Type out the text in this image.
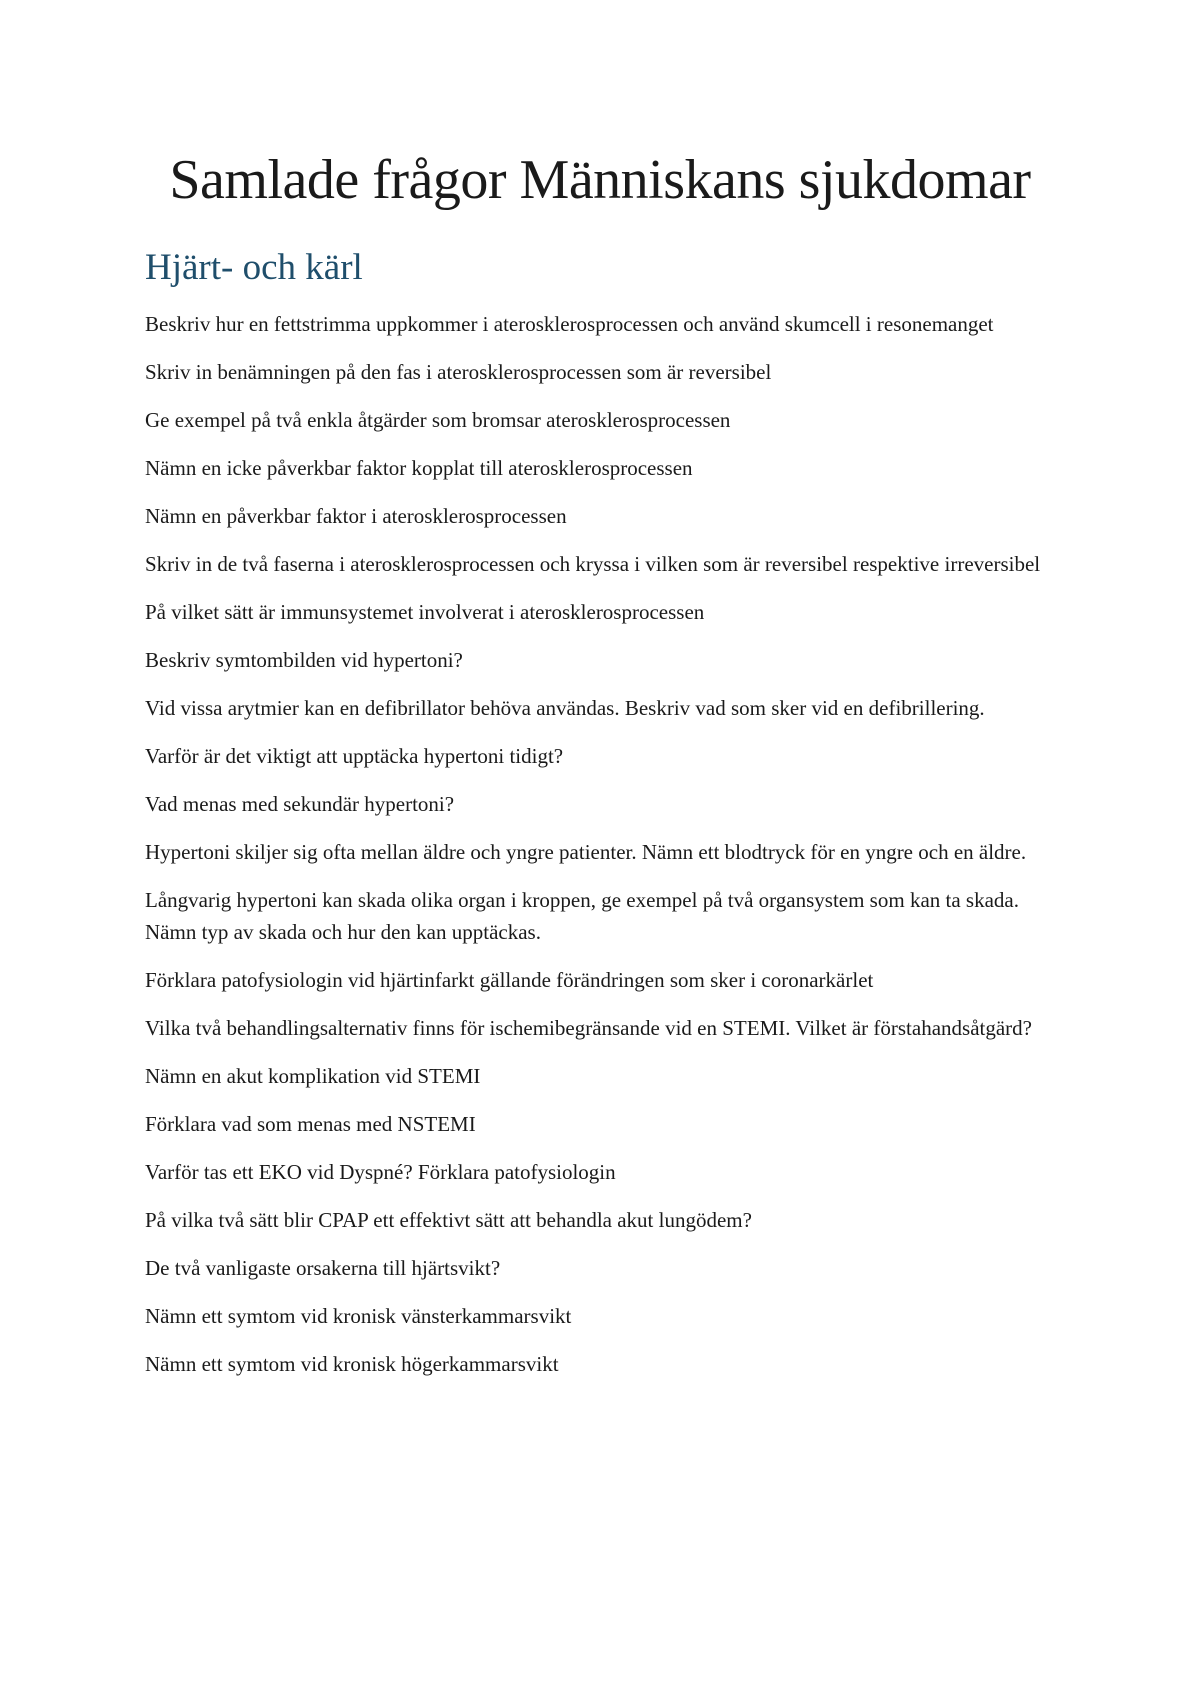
Samlade frågor Människans sjukdomar
Hjärt- och kärl
Beskriv hur en fettstrimma uppkommer i aterosklerosprocessen och använd skumcell i resonemanget
Skriv in benämningen på den fas i aterosklerosprocessen som är reversibel
Ge exempel på två enkla åtgärder som bromsar aterosklerosprocessen
Nämn en icke påverkbar faktor kopplat till aterosklerosprocessen
Nämn en påverkbar faktor i aterosklerosprocessen
Skriv in de två faserna i aterosklerosprocessen och kryssa i vilken som är reversibel respektive irreversibel
På vilket sätt är immunsystemet involverat i aterosklerosprocessen
Beskriv symtombilden vid hypertoni?
Vid vissa arytmier kan en defibrillator behöva användas. Beskriv vad som sker vid en defibrillering.
Varför är det viktigt att upptäcka hypertoni tidigt?
Vad menas med sekundär hypertoni?
Hypertoni skiljer sig ofta mellan äldre och yngre patienter. Nämn ett blodtryck för en yngre och en äldre.
Långvarig hypertoni kan skada olika organ i kroppen, ge exempel på två organsystem som kan ta skada. Nämn typ av skada och hur den kan upptäckas.
Förklara patofysiologin vid hjärtinfarkt gällande förändringen som sker i coronarkärlet
Vilka två behandlingsalternativ finns för ischemibegränsande vid en STEMI. Vilket är förstahandsåtgärd?
Nämn en akut komplikation vid STEMI
Förklara vad som menas med NSTEMI
Varför tas ett EKO vid Dyspné? Förklara patofysiologin
På vilka två sätt blir CPAP ett effektivt sätt att behandla akut lungödem?
De två vanligaste orsakerna till hjärtsvikt?
Nämn ett symtom vid kronisk vänsterkammarsvikt
Nämn ett symtom vid kronisk högerkammarsvikt
